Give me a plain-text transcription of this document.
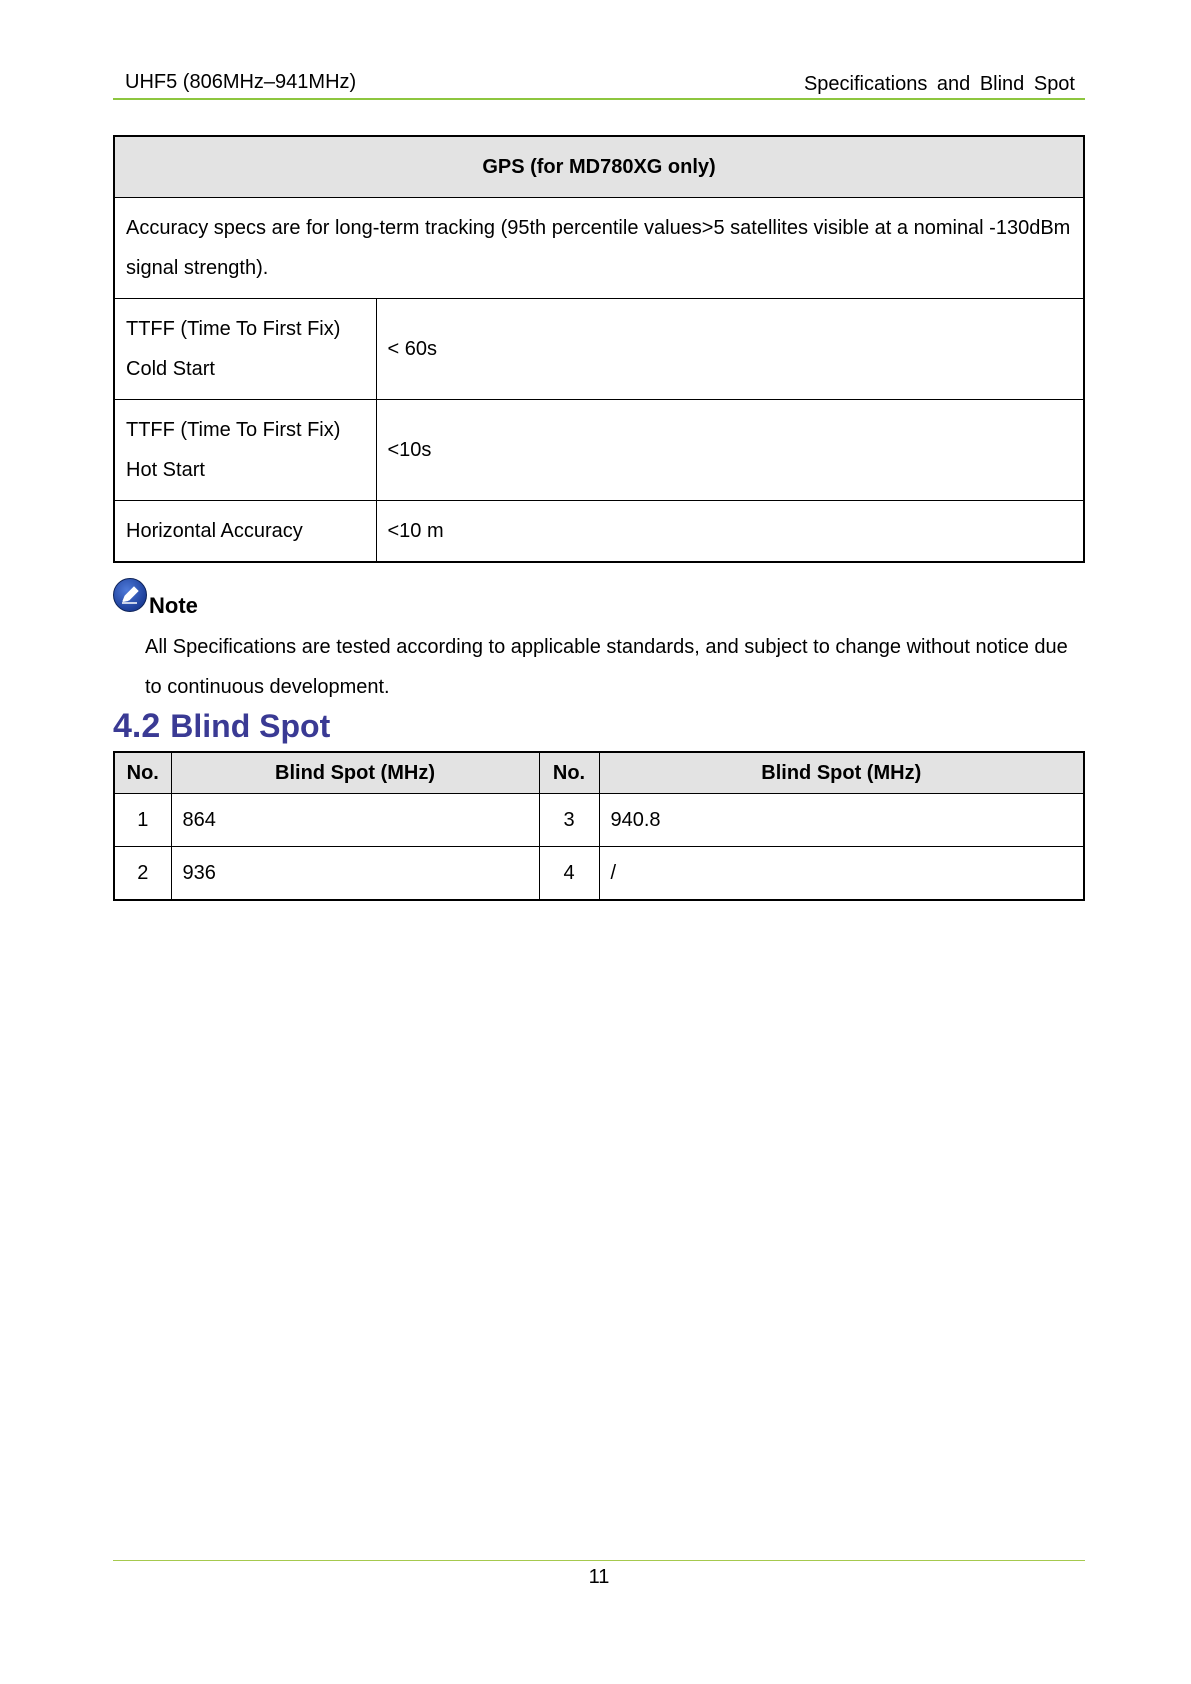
UHF5 (806MHz–941MHz)	Specifications and Blind Spot
GPS (for MD780XG only)	
Accuracy specs are for long-term tracking (95th percentile values>5 satellites visible at a nominal -130dBm signal strength).	

TTFF (Time To First Fix)
Cold Start	< 60s

TTFF (Time To First Fix)
Hot Start	<10s
Horizontal Accuracy	<10 m
Note
All Specifications are tested according to applicable standards, and subject to change without notice due to continuous development.
4.2 Blind Spot
No.	Blind Spot (MHz)	No.	Blind Spot (MHz)
1	864	3	940.8
2	936	4	/
11
